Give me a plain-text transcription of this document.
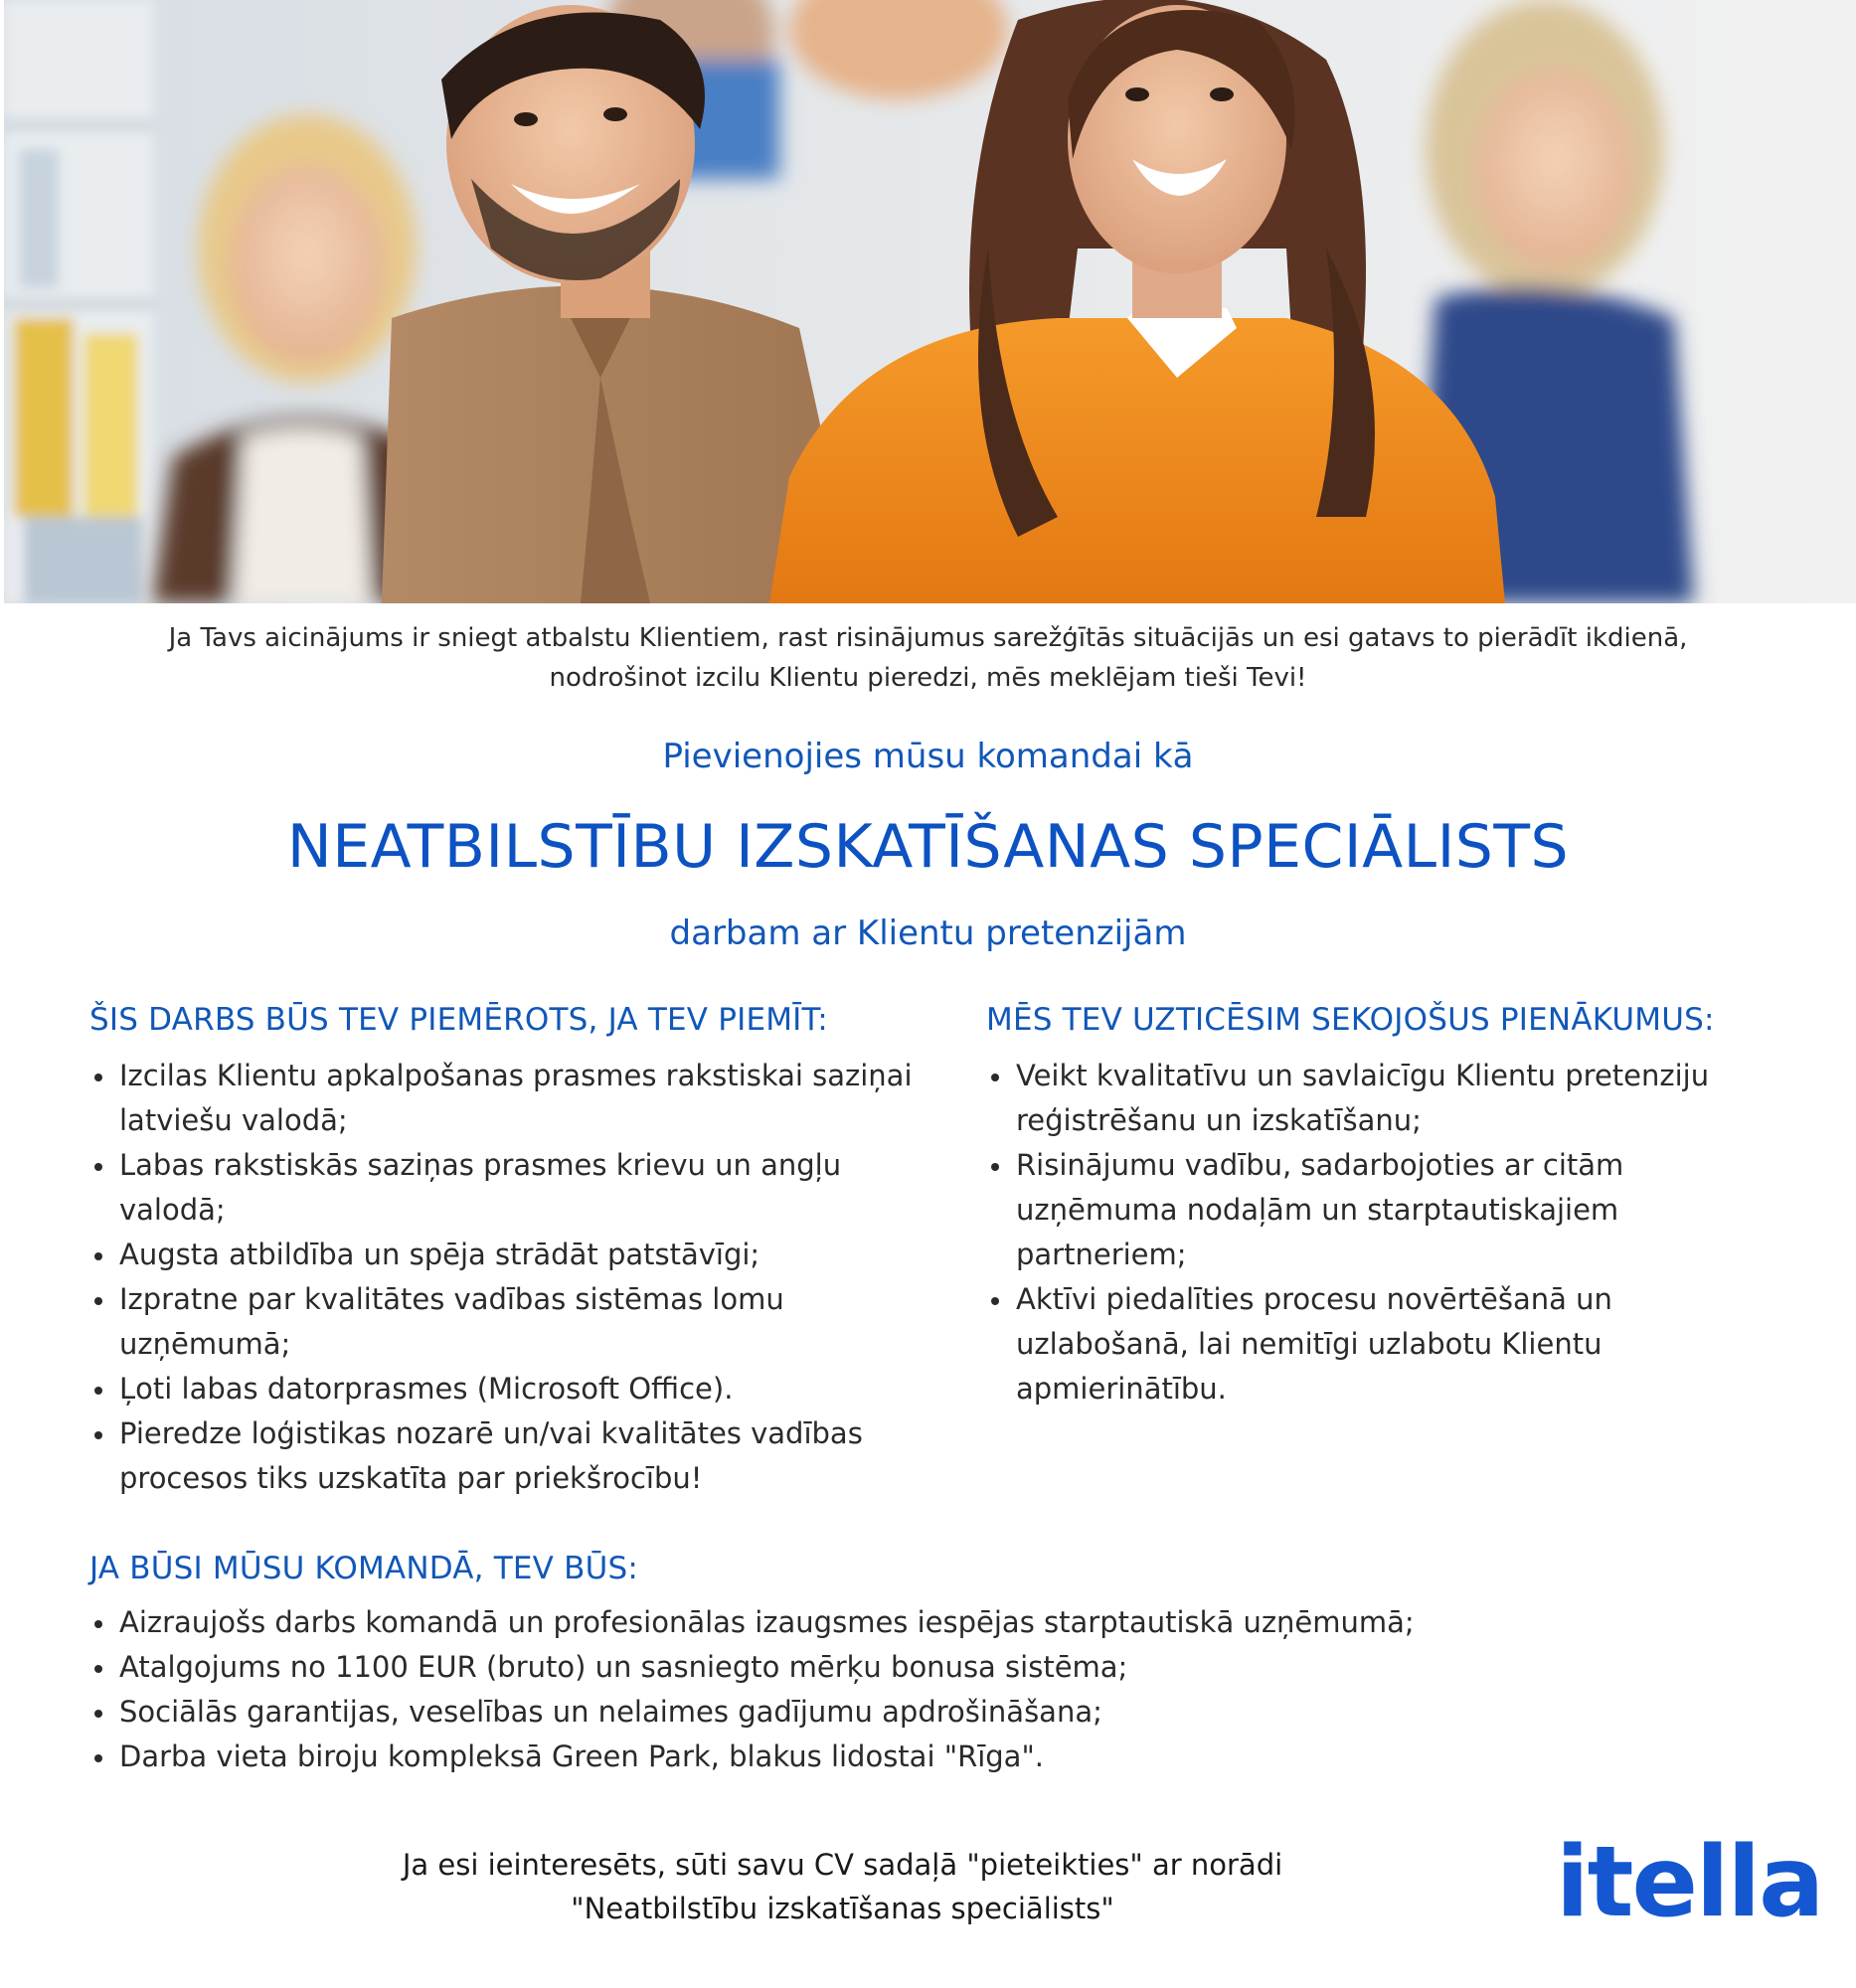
Ja Tavs aicinājums ir sniegt atbalstu Klientiem, rast risinājumus sarežģītās situācijās un esi gatavs to pierādīt ikdienā,
nodrošinot izcilu Klientu pieredzi, mēs meklējam tieši Tevi!
Pievienojies mūsu komandai kā
NEATBILSTĪBU IZSKATĪŠANAS SPECIĀLISTS
darbam ar Klientu pretenzijām
ŠIS DARBS BŪS TEV PIEMĒROTS, JA TEV PIEMĪT:
Izcilas Klientu apkalpošanas prasmes rakstiskai saziņai latviešu valodā;
Labas rakstiskās saziņas prasmes krievu un angļu valodā;
Augsta atbildība un spēja strādāt patstāvīgi;
Izpratne par kvalitātes vadības sistēmas lomu uzņēmumā;
Ļoti labas datorprasmes (Microsoft Office).
Pieredze loģistikas nozarē un/vai kvalitātes vadības procesos tiks uzskatīta par priekšrocību!
MĒS TEV UZTICĒSIM SEKOJOŠUS PIENĀKUMUS:
Veikt kvalitatīvu un savlaicīgu Klientu pretenziju reģistrēšanu un izskatīšanu;
Risinājumu vadību, sadarbojoties ar citām uzņēmuma nodaļām un starptautiskajiem partneriem;
Aktīvi piedalīties procesu novērtēšanā un uzlabošanā, lai nemitīgi uzlabotu Klientu apmierinātību.
JA BŪSI MŪSU KOMANDĀ, TEV BŪS:
Aizraujošs darbs komandā un profesionālas izaugsmes iespējas starptautiskā uzņēmumā;
Atalgojums no 1100 EUR (bruto) un sasniegto mērķu bonusa sistēma;
Sociālās garantijas, veselības un nelaimes gadījumu apdrošināšana;
Darba vieta biroju kompleksā Green Park, blakus lidostai "Rīga".
Ja esi ieinteresēts, sūti savu CV sadaļā "pieteikties" ar norādi
"Neatbilstību izskatīšanas speciālists"	itella
